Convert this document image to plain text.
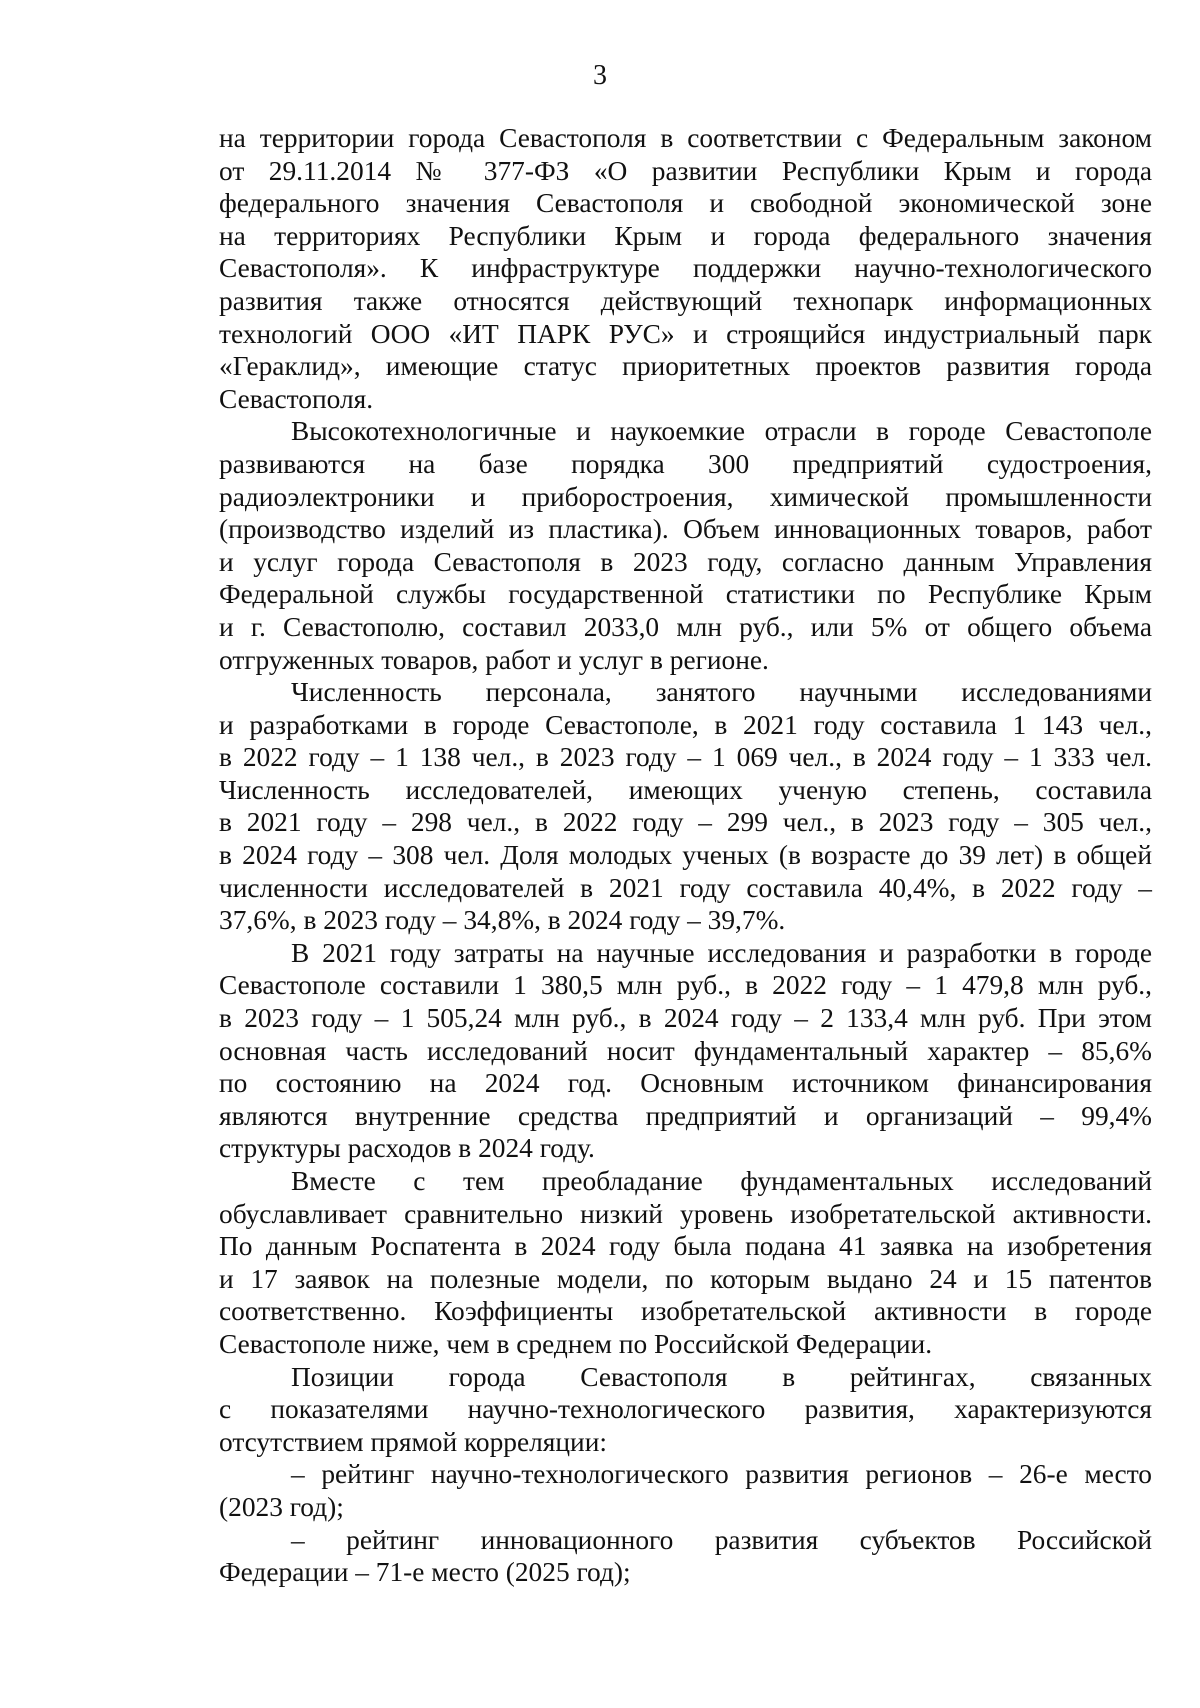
3
на территории города Севастополя в соответствии с Федеральным законом
от 29.11.2014 № 377-ФЗ «О развитии Республики Крым и города
федерального значения Севастополя и свободной экономической зоне
на территориях Республики Крым и города федерального значения
Севастополя». К инфраструктуре поддержки научно-технологического
развития также относятся действующий технопарк информационных
технологий ООО «ИТ ПАРК РУС» и строящийся индустриальный парк
«Гераклид», имеющие статус приоритетных проектов развития города
Севастополя.
Высокотехнологичные и наукоемкие отрасли в городе Севастополе
развиваются на базе порядка 300 предприятий судостроения,
радиоэлектроники и приборостроения, химической промышленности
(производство изделий из пластика). Объем инновационных товаров, работ
и услуг города Севастополя в 2023 году, согласно данным Управления
Федеральной службы государственной статистики по Республике Крым
и г. Севастополю, составил 2033,0 млн руб., или 5% от общего объема
отгруженных товаров, работ и услуг в регионе.
Численность персонала, занятого научными исследованиями
и разработками в городе Севастополе, в 2021 году составила 1 143 чел.,
в 2022 году – 1 138 чел., в 2023 году – 1 069 чел., в 2024 году – 1 333 чел.
Численность исследователей, имеющих ученую степень, составила
в 2021 году – 298 чел., в 2022 году – 299 чел., в 2023 году – 305 чел.,
в 2024 году – 308 чел. Доля молодых ученых (в возрасте до 39 лет) в общей
численности исследователей в 2021 году составила 40,4%, в 2022 году –
37,6%, в 2023 году – 34,8%, в 2024 году – 39,7%.
В 2021 году затраты на научные исследования и разработки в городе
Севастополе составили 1 380,5 млн руб., в 2022 году – 1 479,8 млн руб.,
в 2023 году – 1 505,24 млн руб., в 2024 году – 2 133,4 млн руб. При этом
основная часть исследований носит фундаментальный характер – 85,6%
по состоянию на 2024 год. Основным источником финансирования
являются внутренние средства предприятий и организаций – 99,4%
структуры расходов в 2024 году.
Вместе с тем преобладание фундаментальных исследований
обуславливает сравнительно низкий уровень изобретательской активности.
По данным Роспатента в 2024 году была подана 41 заявка на изобретения
и 17 заявок на полезные модели, по которым выдано 24 и 15 патентов
соответственно. Коэффициенты изобретательской активности в городе
Севастополе ниже, чем в среднем по Российской Федерации.
Позиции города Севастополя в рейтингах, связанных
с показателями научно-технологического развития, характеризуются
отсутствием прямой корреляции:
– рейтинг научно-технологического развития регионов – 26-е место
(2023 год);
– рейтинг инновационного развития субъектов Российской
Федерации – 71-е место (2025 год);
